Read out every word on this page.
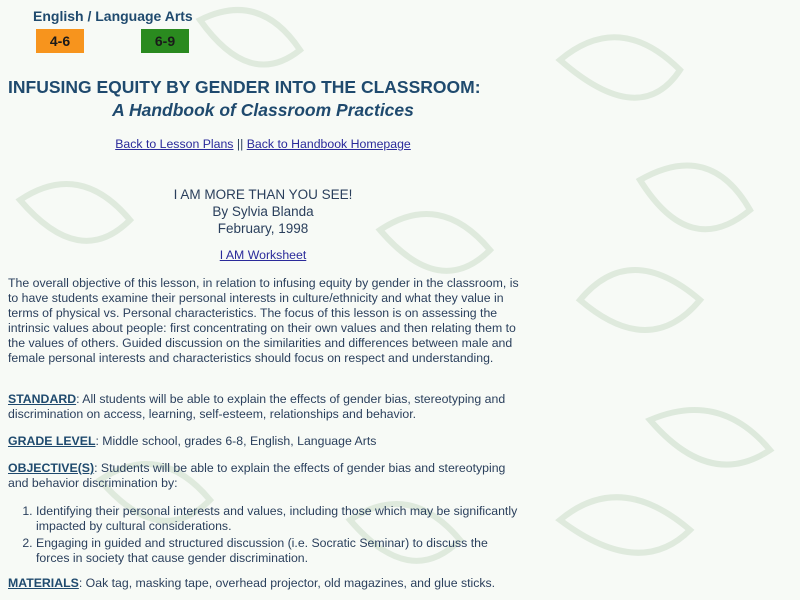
English / Language Arts
4-6	6-9
INFUSING EQUITY BY GENDER INTO THE CLASSROOM:
A Handbook of Classroom Practices
Back to Lesson Plans || Back to Handbook Homepage
I AM MORE THAN YOU SEE!
By Sylvia Blanda
February, 1998
I AM Worksheet

The overall objective of this lesson, in relation to infusing equity by gender in the classroom, is to have students examine their personal interests in culture/ethnicity and what they value in terms of physical vs. Personal characteristics. The focus of this lesson is on assessing the intrinsic values about people: first concentrating on their own values and then relating them to the values of others. Guided discussion on the similarities and differences between male and female personal interests and characteristics should focus on respect and understanding.

STANDARD: All students will be able to explain the effects of gender bias, stereotyping and discrimination on access, learning, self-esteem, relationships and behavior.

GRADE LEVEL: Middle school, grades 6-8, English, Language Arts

OBJECTIVE(S): Students will be able to explain the effects of gender bias and stereotyping and behavior discrimination by:

1. Identifying their personal interests and values, including those which may be significantly impacted by cultural considerations.
2. Engaging in guided and structured discussion (i.e. Socratic Seminar) to discuss the forces in society that cause gender discrimination.

MATERIALS: Oak tag, masking tape, overhead projector, old magazines, and glue sticks.
